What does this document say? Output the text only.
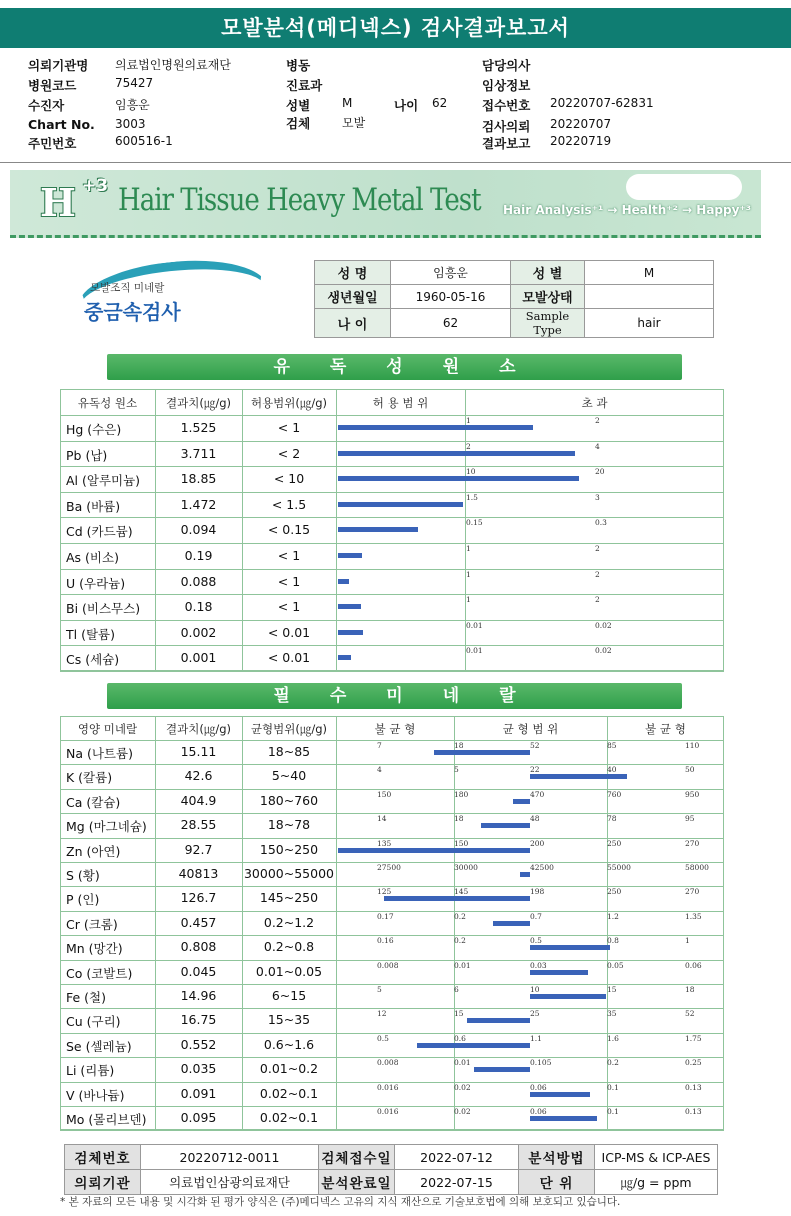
모발분석(메디넥스) 검사결과보고서
의뢰기관명 의료법인명원의료재단
병원코드	75427
수진자	임흥운
Chart No. 3003
주민번호	600516-1
병동
진료과
성별	M
검체	모발
나이 62
담당의사
임상정보
접수번호 20220707-62831
검사의뢰 20220707
결과보고 20220719
H +3 Hair Tissue Heavy Metal Test Hair Analysis⁺¹ → Health⁺² → Happy⁺³
모발조직 미네랄
중금속검사
성 명	임흥운	성 별	M
생년월일	1960-05-16	모발상태	
나 이	62	Sample Type	hair
유독성원소
유독성 원소	결과치(㎍/g)	허용범위(㎍/g)	허 용 범 위	초 과
Hg (수은)	1.525	< 1	1	2
Pb (납)	3.711	< 2	2	4
Al (알루미늄)	18.85	< 10	10	20
Ba (바륨)	1.472	< 1.5	1.5	3
Cd (카드뮴)	0.094	< 0.15	0.15	0.3
As (비소)	0.19	< 1	1	2
U (우라늄)	0.088	< 1	1	2
Bi (비스무스)	0.18	< 1	1	2
Tl (탈륨)	0.002	< 0.01	0.01	0.02
Cs (세슘)	0.001	< 0.01	0.01	0.02
필수미네랄
영양 미네랄	결과치(㎍/g)	균형범위(㎍/g)	불 균 형	균 형 범 위	불 균 형
Na (나트륨)	15.11	18~85	7	18	52	85	110
K (칼륨)	42.6	5~40	4	5	22	40	50
Ca (칼슘)	404.9	180~760	150	180	470	760	950
Mg (마그네슘)	28.55	18~78	14	18	48	78	95
Zn (아연)	92.7	150~250	135	150	200	250	270
S (황)	40813	30000~55000	27500	30000	42500	55000	58000
P (인)	126.7	145~250	125	145	198	250	270
Cr (크롬)	0.457	0.2~1.2	0.17	0.2	0.7	1.2	1.35
Mn (망간)	0.808	0.2~0.8	0.16	0.2	0.5	0.8	1
Co (코발트)	0.045	0.01~0.05	0.008	0.01	0.03	0.05	0.06
Fe (철)	14.96	6~15	5	6	10	15	18
Cu (구리)	16.75	15~35	12	15	25	35	52
Se (셀레늄)	0.552	0.6~1.6	0.5	0.6	1.1	1.6	1.75
Li (리튬)	0.035	0.01~0.2	0.008	0.01	0.105	0.2	0.25
V (바나듐)	0.091	0.02~0.1	0.016	0.02	0.06	0.1	0.13
Mo (몰리브덴)	0.095	0.02~0.1	0.016	0.02	0.06	0.1	0.13
검체번호	20220712-0011	검체접수일	2022-07-12	분석방법	ICP-MS & ICP-AES
의뢰기관	의료법인삼광의료재단	분석완료일	2022-07-15	단 위	㎍/g = ppm
* 본 자료의 모든 내용 및 시각화 된 평가 양식은 (주)메디넥스 고유의 지식 재산으로 기술보호법에 의해 보호되고 있습니다.
